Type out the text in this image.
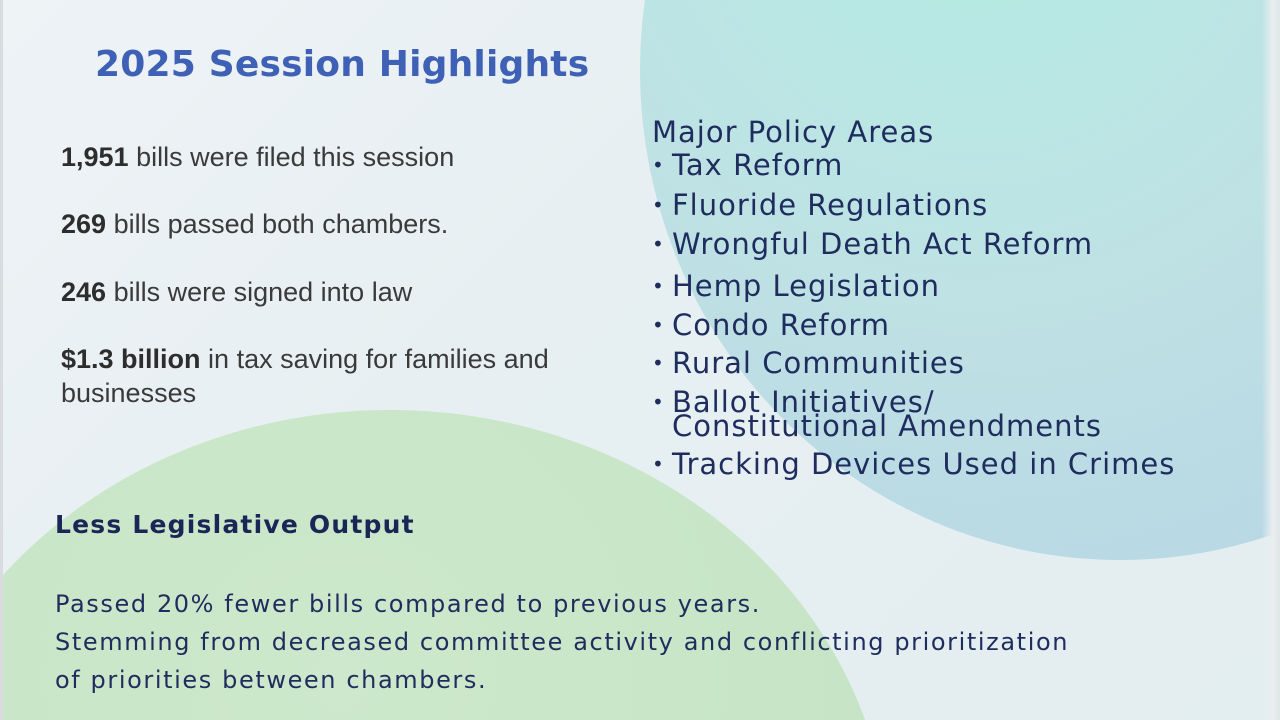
2025 Session Highlights
1,951 bills were filed this session
269 bills passed both chambers.
246 bills were signed into law
$1.3 billion in tax saving for families and businesses
Major Policy Areas
• Tax Reform
• Fluoride Regulations
• Wrongful Death Act Reform
• Hemp Legislation
• Condo Reform
• Rural Communities
• Ballot Initiatives/ Constitutional Amendments
• Tracking Devices Used in Crimes
Less Legislative Output
Passed 20% fewer bills compared to previous years.
Stemming from decreased committee activity and conflicting prioritization
of priorities between chambers.
